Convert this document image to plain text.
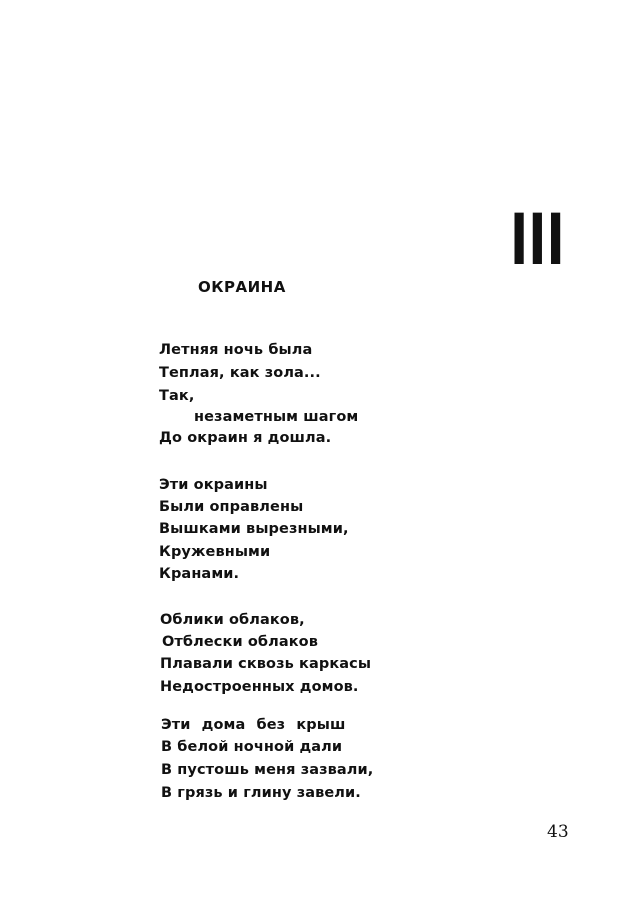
III
ОКРАИНА
Летняя ночь была
Теплая, как зола...
Так,
незаметным шагом
До окраин я дошла.
Эти окраины
Были оправлены
Вышками вырезными,
Кружевными
Кранами.
Облики облаков,
Отблески облаков
Плавали сквозь каркасы
Недостроенных домов.
Эти дома без крыш
В белой ночной дали
В пустошь меня зазвали,
В грязь и глину завели.
43
